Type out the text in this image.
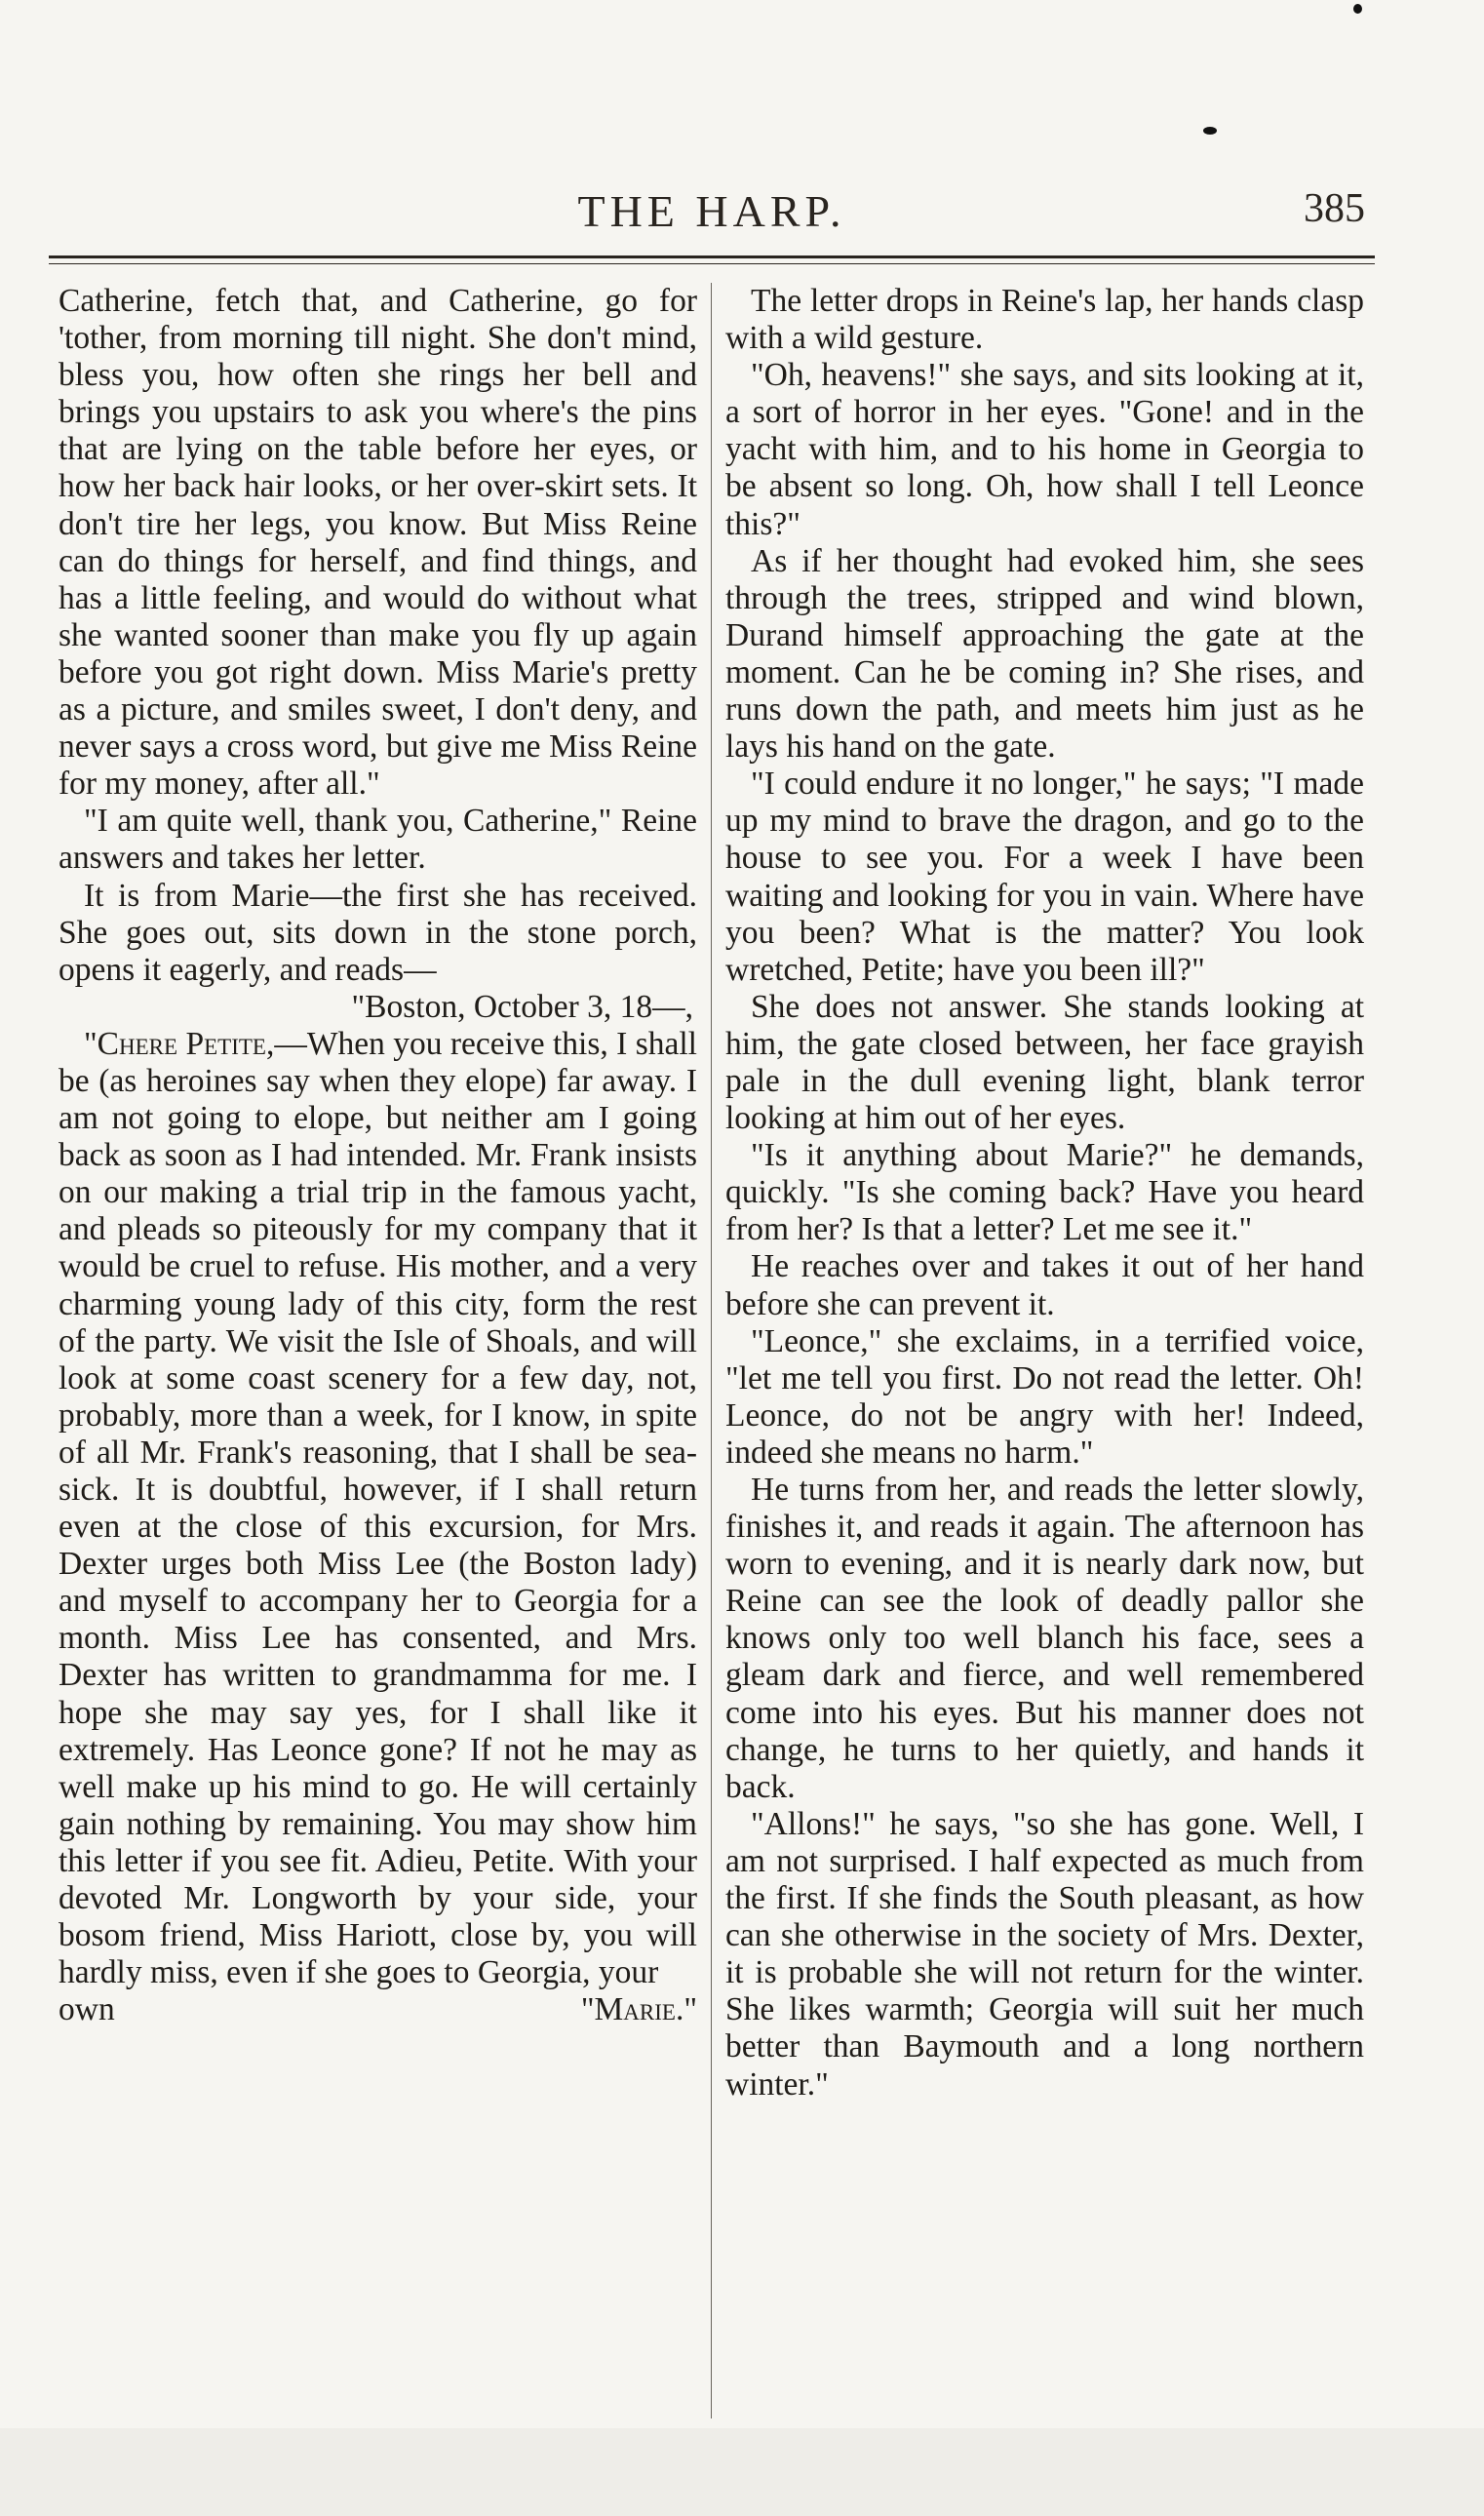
THE HARP.	385

Catherine, fetch that, and Catherine, go for 'tother, from morning till night. She don't mind, bless you, how often she rings her bell and brings you upstairs to ask you where's the pins that are lying on the table before her eyes, or how her back hair looks, or her over-skirt sets. It don't tire her legs, you know. But Miss Reine can do things for herself, and find things, and has a little feeling, and would do without what she wanted sooner than make you fly up again before you got right down. Miss Marie's pretty as a picture, and smiles sweet, I don't deny, and never says a cross word, but give me Miss Reine for my money, after all."

"I am quite well, thank you, Catherine," Reine answers and takes her letter.

It is from Marie—the first she has received. She goes out, sits down in the stone porch, opens it eagerly, and reads—

"Boston, October 3, 18—,

"Chere Petite,—When you receive this, I shall be (as heroines say when they elope) far away. I am not going to elope, but neither am I going back as soon as I had intended. Mr. Frank insists on our making a trial trip in the famous yacht, and pleads so piteously for my company that it would be cruel to refuse. His mother, and a very charming young lady of this city, form the rest of the party. We visit the Isle of Shoals, and will look at some coast scenery for a few day, not, probably, more than a week, for I know, in spite of all Mr. Frank's reasoning, that I shall be sea-sick. It is doubtful, however, if I shall return even at the close of this excursion, for Mrs. Dexter urges both Miss Lee (the Boston lady) and myself to accompany her to Georgia for a month. Miss Lee has consented, and Mrs. Dexter has written to grandmamma for me. I hope she may say yes, for I shall like it extremely. Has Leonce gone? If not he may as well make up his mind to go. He will certainly gain nothing by remaining. You may show him this letter if you see fit. Adieu, Petite. With your devoted Mr. Longworth by your side, your bosom friend, Miss Hariott, close by, you will hardly miss, even if she goes to Georgia, your

own	"Marie."

The letter drops in Reine's lap, her hands clasp with a wild gesture.

"Oh, heavens!" she says, and sits looking at it, a sort of horror in her eyes. "Gone! and in the yacht with him, and to his home in Georgia to be absent so long. Oh, how shall I tell Leonce this?"

As if her thought had evoked him, she sees through the trees, stripped and wind blown, Durand himself approaching the gate at the moment. Can he be coming in? She rises, and runs down the path, and meets him just as he lays his hand on the gate.

"I could endure it no longer," he says; "I made up my mind to brave the dragon, and go to the house to see you. For a week I have been waiting and looking for you in vain. Where have you been? What is the matter? You look wretched, Petite; have you been ill?"

She does not answer. She stands looking at him, the gate closed between, her face grayish pale in the dull evening light, blank terror looking at him out of her eyes.

"Is it anything about Marie?" he demands, quickly. "Is she coming back? Have you heard from her? Is that a letter? Let me see it."

He reaches over and takes it out of her hand before she can prevent it.

"Leonce," she exclaims, in a terrified voice, "let me tell you first. Do not read the letter. Oh! Leonce, do not be angry with her! Indeed, indeed she means no harm."

He turns from her, and reads the letter slowly, finishes it, and reads it again. The afternoon has worn to evening, and it is nearly dark now, but Reine can see the look of deadly pallor she knows only too well blanch his face, sees a gleam dark and fierce, and well remembered come into his eyes. But his manner does not change, he turns to her quietly, and hands it back.

"Allons!" he says, "so she has gone. Well, I am not surprised. I half expected as much from the first. If she finds the South pleasant, as how can she otherwise in the society of Mrs. Dexter, it is probable she will not return for the winter. She likes warmth; Georgia will suit her much better than Baymouth and a long northern winter."
